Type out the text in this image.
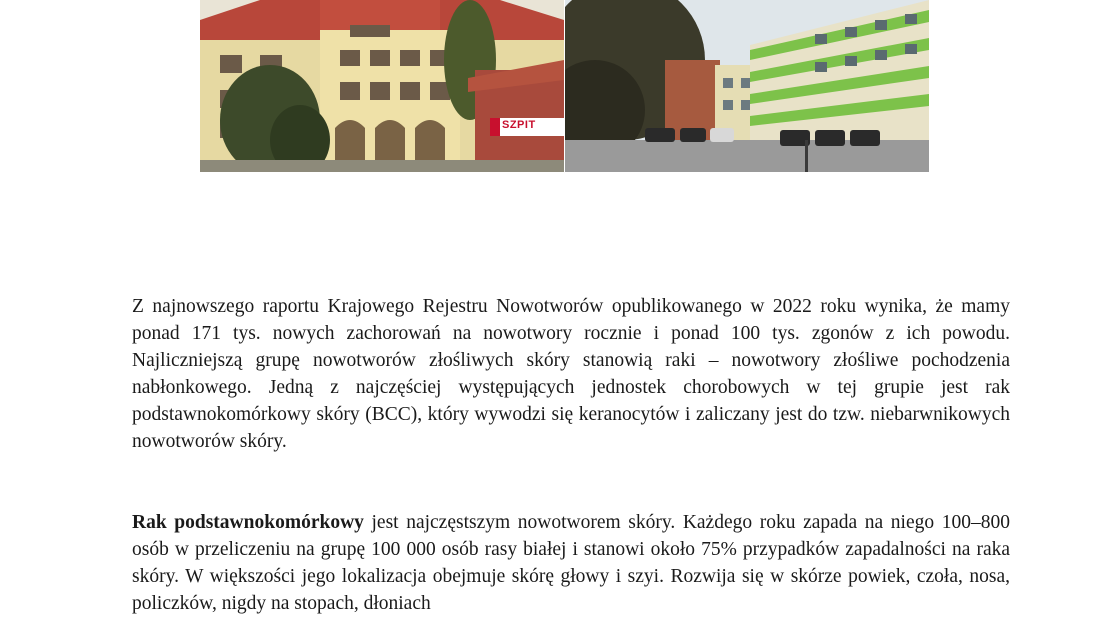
SZPIT

Z najnowszego raportu Krajowego Rejestru Nowotworów opublikowanego w 2022 roku wynika, że mamy ponad 171 tys. nowych zachorowań na nowotwory rocznie i ponad 100 tys. zgonów z ich powodu. Najliczniejszą grupę nowotworów złośliwych skóry stanowią raki – nowotwory złośliwe pochodzenia nabłonkowego. Jedną z najczęściej występujących jednostek chorobowych w tej grupie jest rak podstawnokomórkowy skóry (BCC), który wywodzi się keranocytów i zaliczany jest do tzw. niebarwnikowych nowotworów skóry.

Rak podstawnokomórkowy jest najczęstszym nowotworem skóry. Każdego roku zapada na niego 100–800 osób w przeliczeniu na grupę 100 000 osób rasy białej i stanowi około 75% przypadków zapadalności na raka skóry. W większości jego lokalizacja obejmuje skórę głowy i szyi. Rozwija się w skórze powiek, czoła, nosa, policzków, nigdy na stopach, dłoniach
